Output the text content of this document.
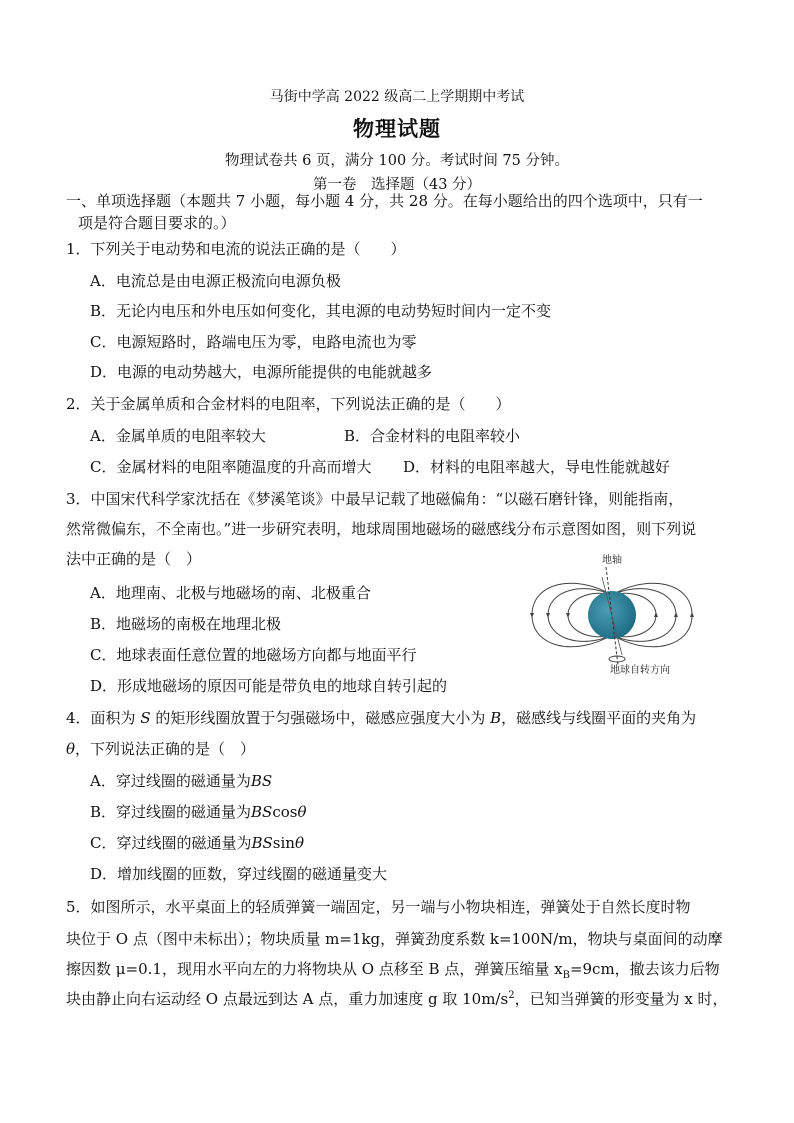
马街中学高 2022 级高二上学期期中考试
物理试题
物理试卷共 6 页，满分 100 分。考试时间 75 分钟。
第一卷　选择题（43 分）
一、单项选择题（本题共 7 小题，每小题 4 分，共 28 分。在每小题给出的四个选项中，只有一
项是符合题目要求的。）
1．下列关于电动势和电流的说法正确的是（　　）
A．电流总是由电源正极流向电源负极
B．无论内电压和外电压如何变化，其电源的电动势短时间内一定不变
C．电源短路时，路端电压为零，电路电流也为零
D．电源的电动势越大，电源所能提供的电能就越多
2．关于金属单质和合金材料的电阻率，下列说法正确的是（　　）
A．金属单质的电阻率较大	B．合金材料的电阻率较小
C．金属材料的电阻率随温度的升高而增大 D．材料的电阻率越大，导电性能就越好
3．中国宋代科学家沈括在《梦溪笔谈》中最早记载了地磁偏角：“以磁石磨针锋，则能指南，
然常微偏东，不全南也。”进一步研究表明，地球周围地磁场的磁感线分布示意图如图，则下列说
法中正确的是（　）
A．地理南、北极与地磁场的南、北极重合
B．地磁场的南极在地理北极
C．地球表面任意位置的地磁场方向都与地面平行
D．形成地磁场的原因可能是带负电的地球自转引起的
地轴
地球自转方向
4．面积为 S 的矩形线圈放置于匀强磁场中，磁感应强度大小为 B，磁感线与线圈平面的夹角为
θ，下列说法正确的是（　）
A．穿过线圈的磁通量为BS
B．穿过线圈的磁通量为BScosθ
C．穿过线圈的磁通量为BSsinθ
D．增加线圈的匝数，穿过线圈的磁通量变大
5．如图所示，水平桌面上的轻质弹簧一端固定，另一端与小物块相连，弹簧处于自然长度时物
块位于 O 点（图中未标出）；物块质量 m=1kg，弹簧劲度系数 k=100N/m，物块与桌面间的动摩
擦因数 μ=0.1，现用水平向左的力将物块从 O 点移至 B 点，弹簧压缩量 $x_B=9cm$，撤去该力后物
块由静止向右运动经 O 点最远到达 A 点，重力加速度 g 取 $10m/s^2$，已知当弹簧的形变量为 x 时，
